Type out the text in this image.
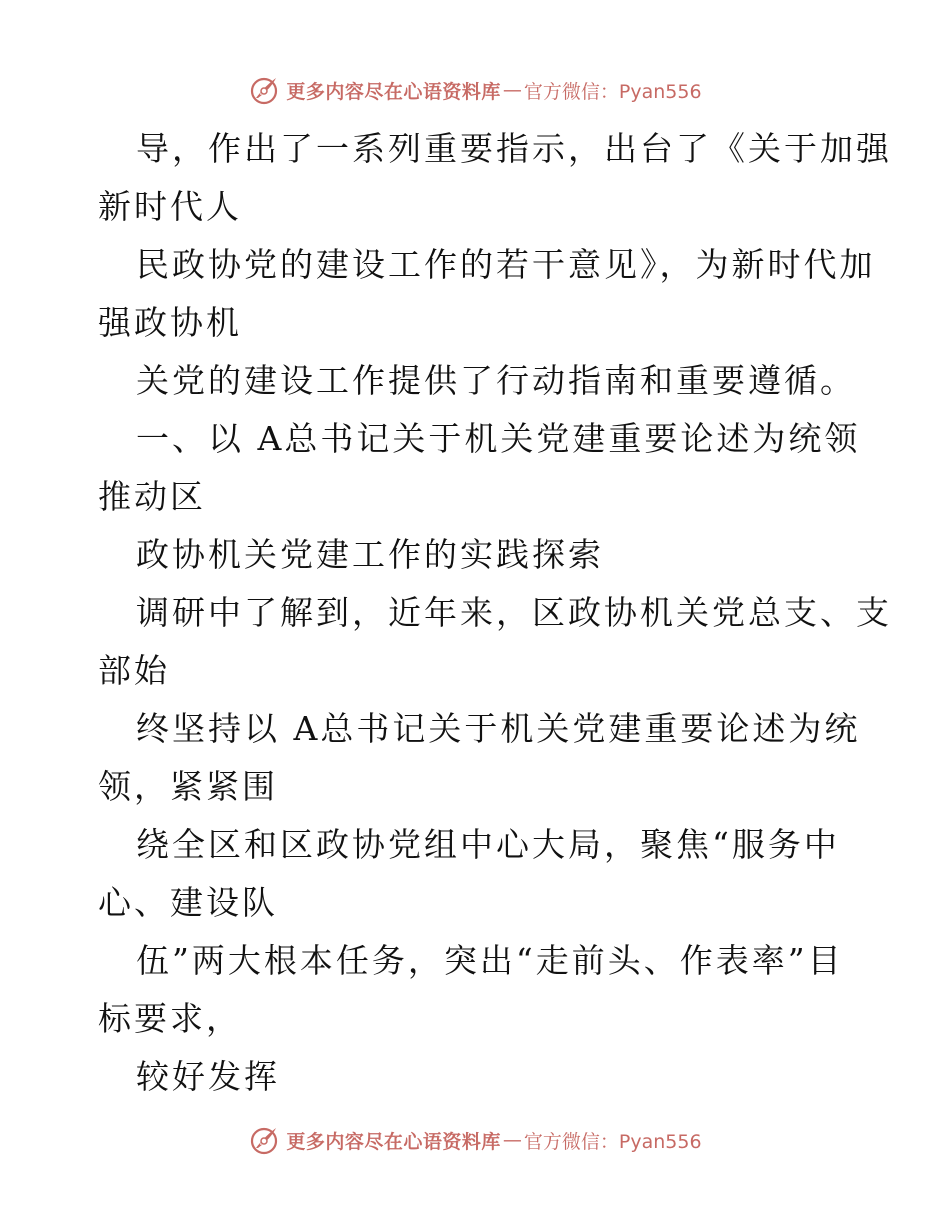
更多内容尽在心语资料库 — 官方微信：Pyan556
导，作出了一系列重要指示，出台了《关于加强
新时代人
民政协党的建设工作的若干意见》，为新时代加
强政协机
关党的建设工作提供了行动指南和重要遵循。
一、以 A总书记关于机关党建重要论述为统领
推动区
政协机关党建工作的实践探索
调研中了解到，近年来，区政协机关党总支、支
部始
终坚持以 A总书记关于机关党建重要论述为统
领，紧紧围
绕全区和区政协党组中心大局，聚焦“服务中
心、建设队
伍”两大根本任务，突出“走前头、作表率”目
标要求，
较好发挥
更多内容尽在心语资料库 — 官方微信：Pyan556
